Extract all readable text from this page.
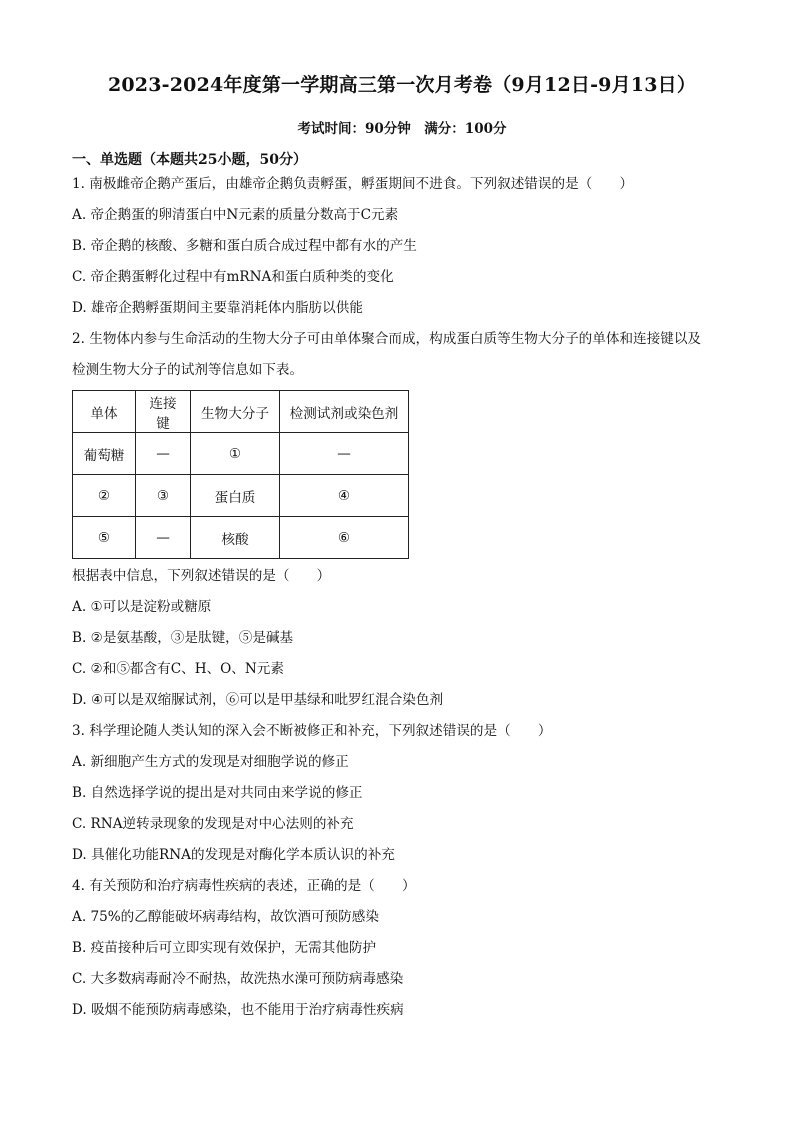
2023-2024年度第一学期高三第一次月考卷（9月12日-9月13日）
考试时间：90分钟　满分：100分
一、单选题（本题共25小题，50分）
1. 南极雌帝企鹅产蛋后，由雄帝企鹅负责孵蛋，孵蛋期间不进食。下列叙述错误的是（　　）
A. 帝企鹅蛋的卵清蛋白中N元素的质量分数高于C元素
B. 帝企鹅的核酸、多糖和蛋白质合成过程中都有水的产生
C. 帝企鹅蛋孵化过程中有mRNA和蛋白质种类的变化
D. 雄帝企鹅孵蛋期间主要靠消耗体内脂肪以供能
2. 生物体内参与生命活动的生物大分子可由单体聚合而成，构成蛋白质等生物大分子的单体和连接键以及
检测生物大分子的试剂等信息如下表。
单体	连接键	生物大分子	检测试剂或染色剂
葡萄糖	—	①	—
②	③	蛋白质	④
⑤	—	核酸	⑥
根据表中信息，下列叙述错误的是（　　）
A. ①可以是淀粉或糖原
B. ②是氨基酸，③是肽键，⑤是碱基
C. ②和⑤都含有C、H、O、N元素
D. ④可以是双缩脲试剂，⑥可以是甲基绿和吡罗红混合染色剂
3. 科学理论随人类认知的深入会不断被修正和补充，下列叙述错误的是（　　）
A. 新细胞产生方式的发现是对细胞学说的修正
B. 自然选择学说的提出是对共同由来学说的修正
C. RNA逆转录现象的发现是对中心法则的补充
D. 具催化功能RNA的发现是对酶化学本质认识的补充
4. 有关预防和治疗病毒性疾病的表述，正确的是（　　）
A. 75%的乙醇能破坏病毒结构，故饮酒可预防感染
B. 疫苗接种后可立即实现有效保护，无需其他防护
C. 大多数病毒耐冷不耐热，故洗热水澡可预防病毒感染
D. 吸烟不能预防病毒感染，也不能用于治疗病毒性疾病
